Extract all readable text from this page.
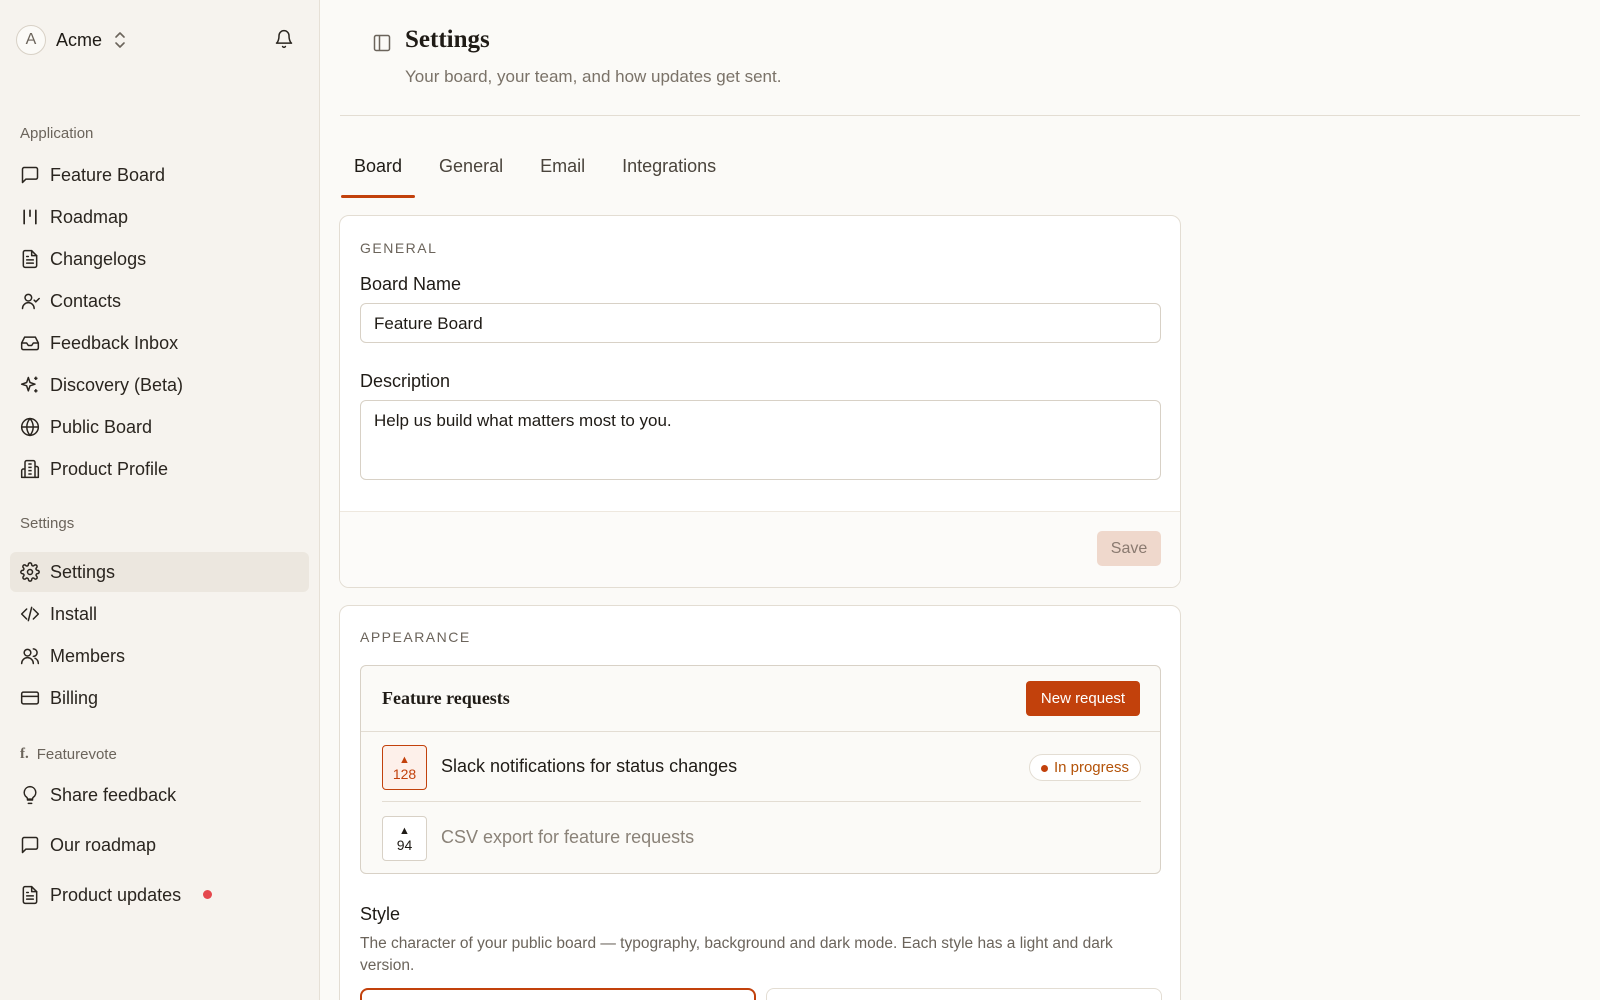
A	Acme
Application
Feature Board
Roadmap
Changelogs
Contacts
Feedback Inbox
Discovery (Beta)
Public Board
Product Profile
Settings
Settings
Install
Members
Billing
f. Featurevote
Share feedback
Our roadmap
Product updates
Settings
Your board, your team, and how updates get sent.
Board	General	Email	Integrations
GENERAL
Board Name
Feature Board
Description
Help us build what matters most to you.
Save
APPEARANCE
Feature requests	New request
▲
128 Slack notifications for status changes	In progress
▲
94 CSV export for feature requests
Style
The character of your public board — typography, background and dark mode. Each style has a light and dark version.
